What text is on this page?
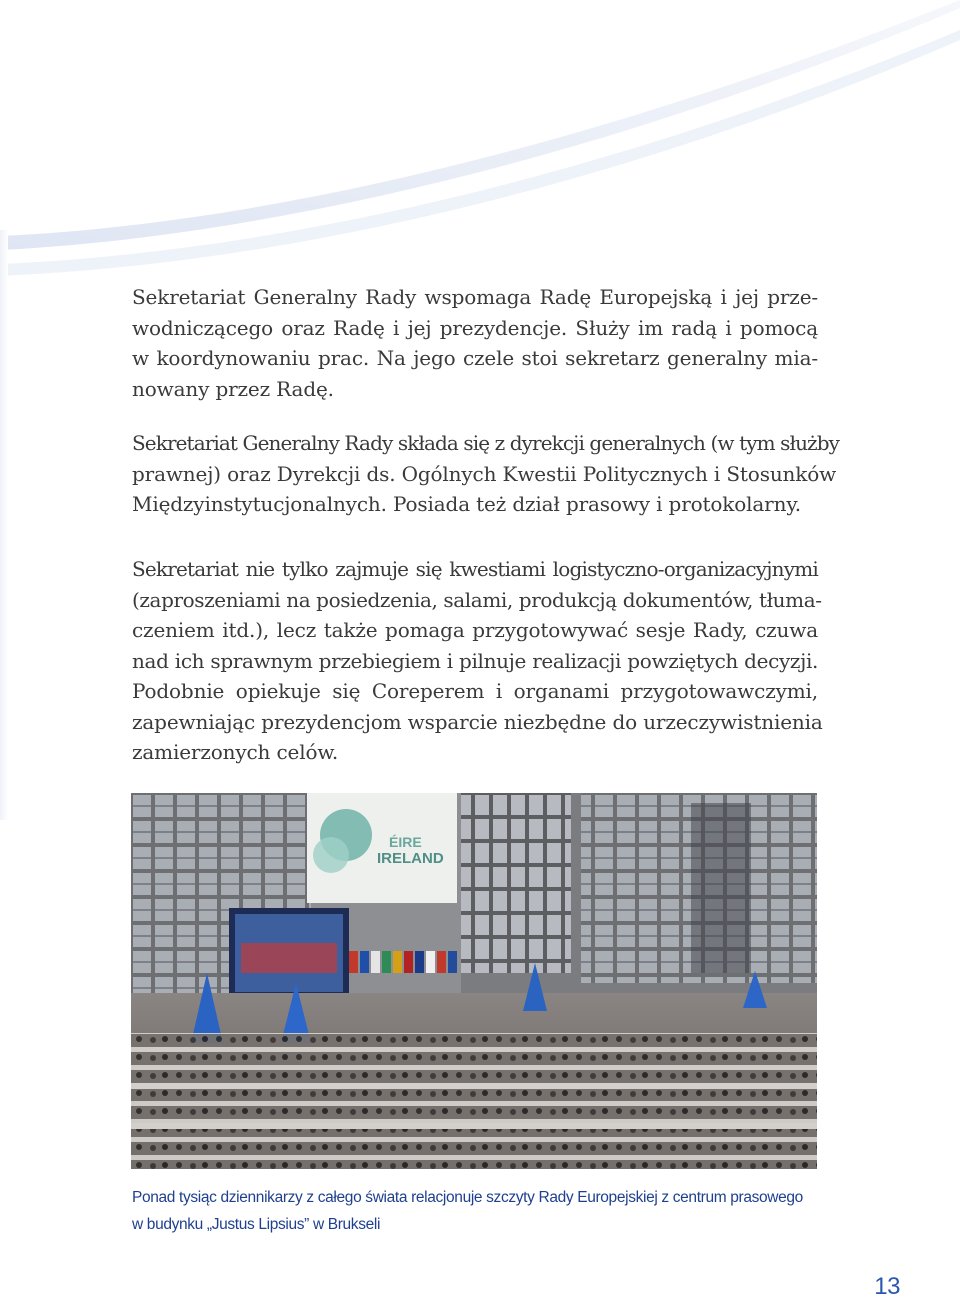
Sekretariat Generalny Rady wspomaga Radę Europejską i jej prze-
wodniczącego oraz Radę i jej prezydencje. Służy im radą i pomocą
w koordynowaniu prac. Na jego czele stoi sekretarz generalny mia-
nowany przez Radę.
Sekretariat Generalny Rady składa się z dyrekcji generalnych (w tym służby
prawnej) oraz Dyrekcji ds. Ogólnych Kwestii Politycznych i Stosunków
Międzyinstytucjonalnych. Posiada też dział prasowy i protokolarny.
Sekretariat nie tylko zajmuje się kwestiami logistyczno-organizacyjnymi
(zaproszeniami na posiedzenia, salami, produkcją dokumentów, tłuma-
czeniem itd.), lecz także pomaga przygotowywać sesje Rady, czuwa
nad ich sprawnym przebiegiem i pilnuje realizacji powziętych decyzji.
Podobnie opiekuje się Coreperem i organami przygotowawczymi,
zapewniając prezydencjom wsparcie niezbędne do urzeczywistnienia
zamierzonych celów.
ÉIRE
IRELAND

Ponad tysiąc dziennikarzy z całego świata relacjonuje szczyty Rady Europejskiej z centrum prasowego
w budynku „Justus Lipsius” w Brukseli

13
